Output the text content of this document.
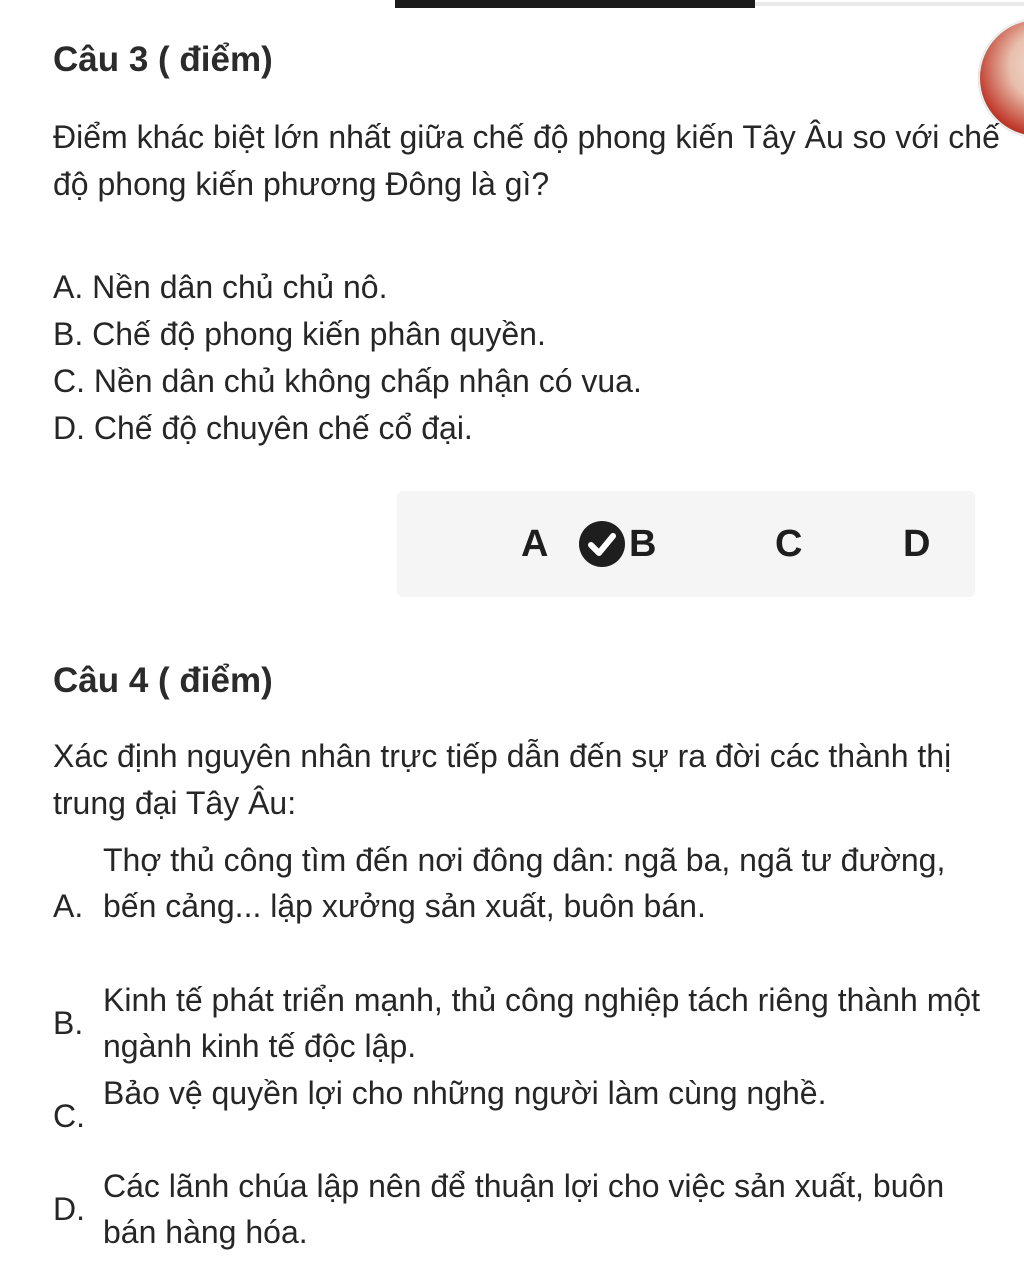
Câu 3 ( điểm)

Điểm khác biệt lớn nhất giữa chế độ phong kiến Tây Âu so với chế độ phong kiến phương Đông là gì?

A. Nền dân chủ chủ nô.
B. Chế độ phong kiến phân quyền.
C. Nền dân chủ không chấp nhận có vua.
D. Chế độ chuyên chế cổ đại.
A B	C	D
Câu 4 ( điểm)

Xác định nguyên nhân trực tiếp dẫn đến sự ra đời các thành thị trung đại Tây Âu:

A.
Thợ thủ công tìm đến nơi đông dân: ngã ba, ngã tư đường, bến cảng... lập xưởng sản xuất, buôn bán.
B.
Kinh tế phát triển mạnh, thủ công nghiệp tách riêng thành một ngành kinh tế độc lập.
C.
Bảo vệ quyền lợi cho những người làm cùng nghề.
D.
Các lãnh chúa lập nên để thuận lợi cho việc sản xuất, buôn bán hàng hóa.
